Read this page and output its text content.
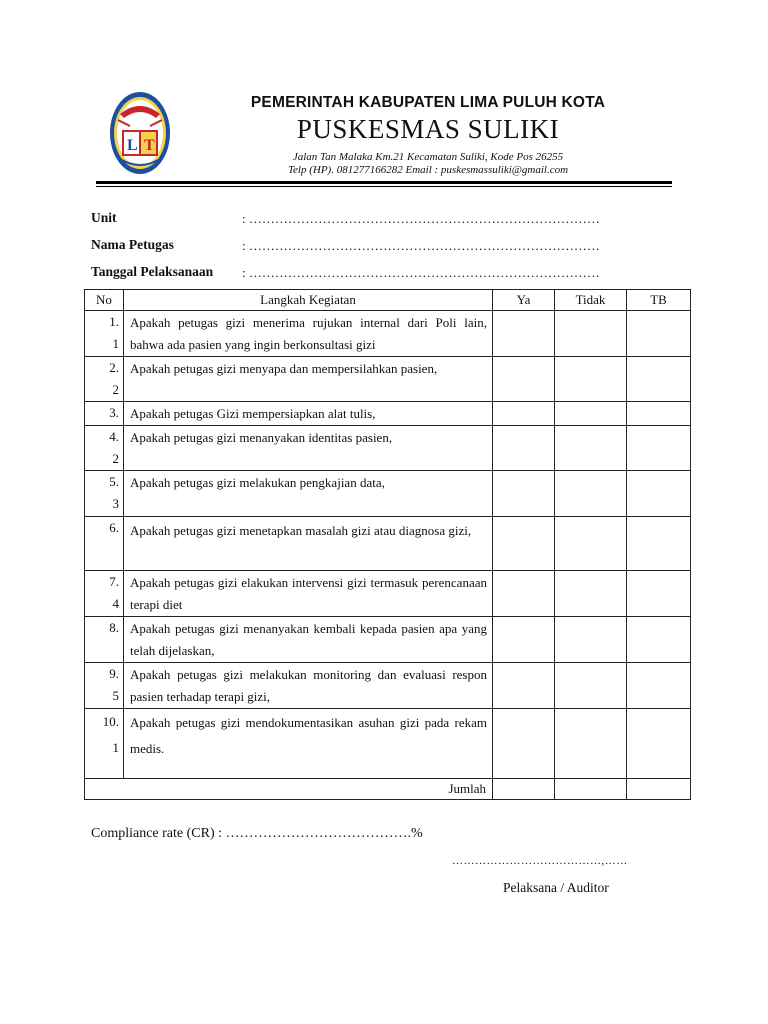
L T
PEMERINTAH KABUPATEN LIMA PULUH KOTA
PUSKESMAS SULIKI
Jalan Tan Malaka Km.21 Kecamatan Suliki, Kode Pos 26255
Telp (HP). 081277166282 Email : puskesmassuliki@gmail.com
Unit	: ………………………………………………………………………
Nama Petugas	: ………………………………………………………………………
Tanggal Pelaksanaan : ………………………………………………………………………
No	Langkah Kegiatan	Ya	Tidak	TB

1.
1	Apakah petugas gizi menerima rujukan internal dari Poli lain, bahwa ada pasien yang ingin berkonsultasi gizi			

2.
2	Apakah petugas gizi menyapa dan mempersilahkan pasien,			

3.	Apakah petugas Gizi mempersiapkan alat tulis,			

4.
2	Apakah petugas gizi menanyakan identitas pasien,			

5.
3	Apakah petugas gizi melakukan pengkajian data,			

6.	Apakah petugas gizi menetapkan masalah gizi atau diagnosa gizi,			

7.
4	Apakah petugas gizi elakukan intervensi gizi termasuk perencanaan terapi diet			

8.	Apakah petugas gizi menanyakan kembali kepada pasien apa yang telah dijelaskan,			

9.
5	Apakah petugas gizi melakukan monitoring dan evaluasi respon pasien terhadap terapi gizi,			

10.
1	Apakah petugas gizi mendokumentasikan asuhan gizi pada rekam medis.			
Jumlah				
Compliance rate (CR) : ………………………………….%
…………………………………,……
Pelaksana / Auditor
